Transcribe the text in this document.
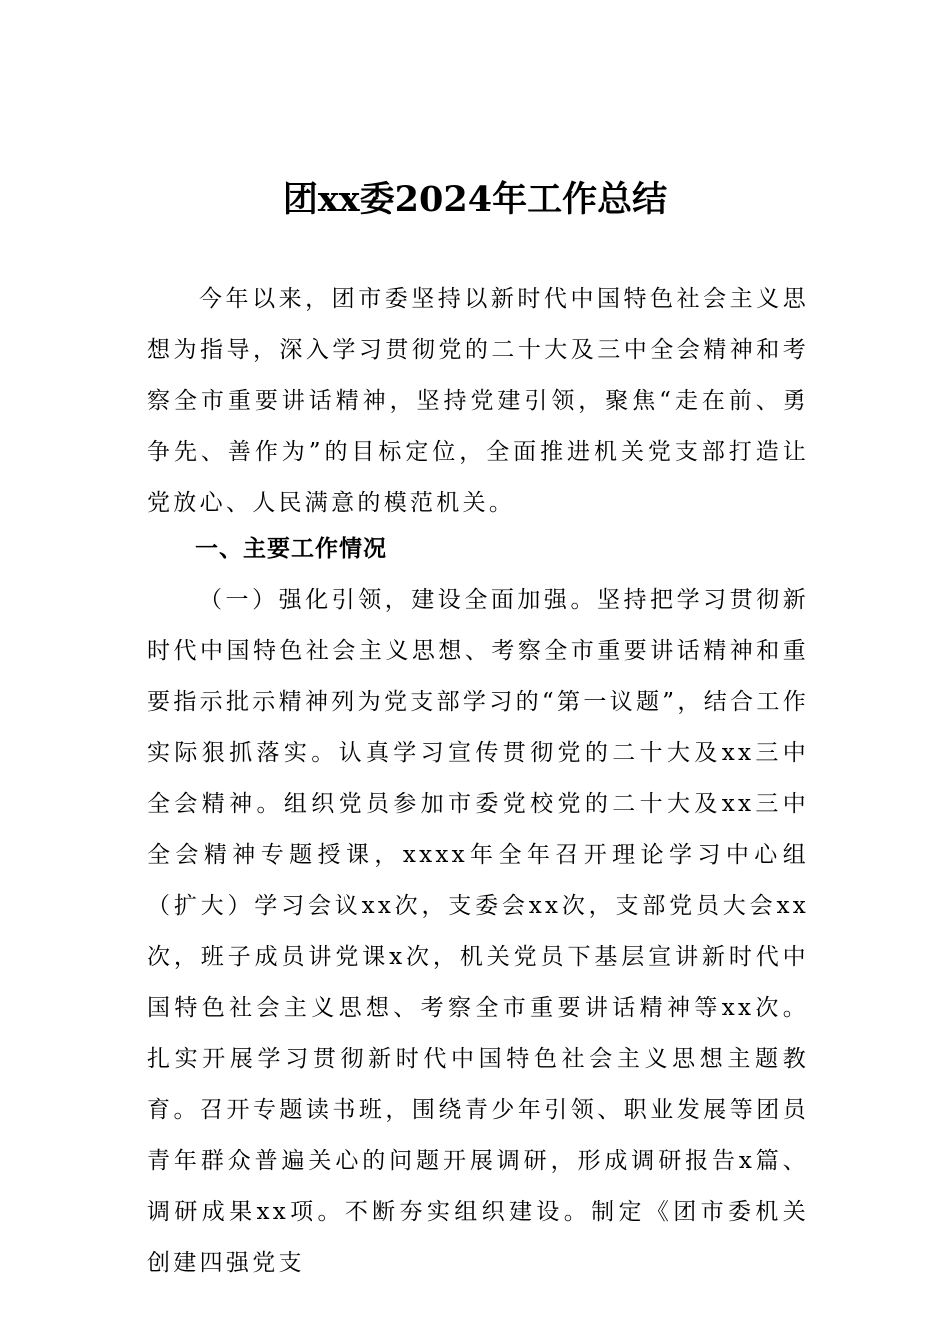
团xx委2024年工作总结

今年以来，团市委坚持以新时代中国特色社会主义思想为指导，深入学习贯彻党的二十大及三中全会精神和考察全市重要讲话精神，坚持党建引领，聚焦“走在前、勇争先、善作为”的目标定位，全面推进机关党支部打造让党放心、人民满意的模范机关。

一、主要工作情况

（一）强化引领，建设全面加强。坚持把学习贯彻新时代中国特色社会主义思想、考察全市重要讲话精神和重要指示批示精神列为党支部学习的“第一议题”，结合工作实际狠抓落实。认真学习宣传贯彻党的二十大及xx三中全会精神。组织党员参加市委党校党的二十大及xx三中全会精神专题授课，xxxx年全年召开理论学习中心组（扩大）学习会议xx次，支委会xx次，支部党员大会xx次，班子成员讲党课x次，机关党员下基层宣讲新时代中国特色社会主义思想、考察全市重要讲话精神等xx次。扎实开展学习贯彻新时代中国特色社会主义思想主题教育。召开专题读书班，围绕青少年引领、职业发展等团员青年群众普遍关心的问题开展调研，形成调研报告x篇、调研成果xx项。不断夯实组织建设。制定《团市委机关创建四强党支
